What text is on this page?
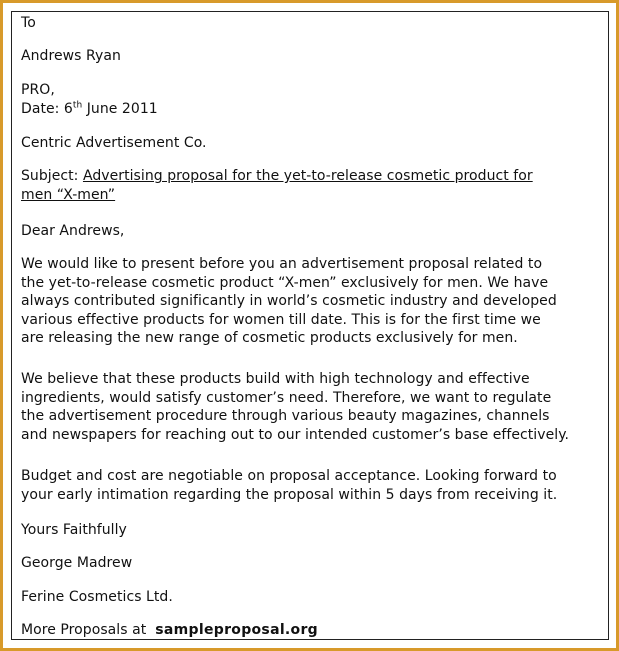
To
Andrews Ryan
PRO,
Date: 6th June 2011
Centric Advertisement Co.
Subject: Advertising proposal for the yet-to-release cosmetic product for
men “X-men”
Dear Andrews,
We would like to present before you an advertisement proposal related to
the yet-to-release cosmetic product “X-men” exclusively for men. We have
always contributed significantly in world’s cosmetic industry and developed
various effective products for women till date. This is for the first time we
are releasing the new range of cosmetic products exclusively for men.
We believe that these products build with high technology and effective
ingredients, would satisfy customer’s need. Therefore, we want to regulate
the advertisement procedure through various beauty magazines, channels
and newspapers for reaching out to our intended customer’s base effectively.
Budget and cost are negotiable on proposal acceptance. Looking forward to
your early intimation regarding the proposal within 5 days from receiving it.
Yours Faithfully
George Madrew
Ferine Cosmetics Ltd.
More Proposals at sampleproposal.org
